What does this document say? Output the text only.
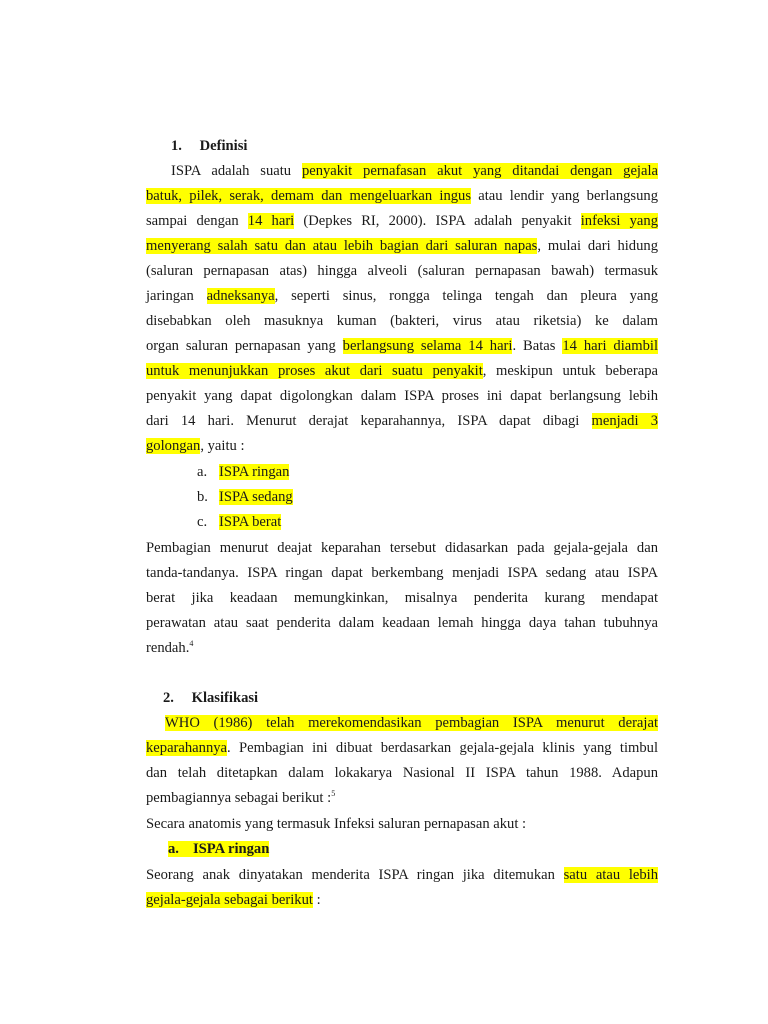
1. Definisi
ISPA adalah suatu penyakit pernafasan akut yang ditandai dengan gejala
batuk, pilek, serak, demam dan mengeluarkan ingus atau lendir yang berlangsung
sampai dengan 14 hari (Depkes RI, 2000). ISPA adalah penyakit infeksi yang
menyerang salah satu dan atau lebih bagian dari saluran napas, mulai dari hidung
(saluran pernapasan atas) hingga alveoli (saluran pernapasan bawah) termasuk
jaringan adneksanya, seperti sinus, rongga telinga tengah dan pleura yang
disebabkan oleh masuknya kuman (bakteri, virus atau riketsia) ke dalam
organ saluran pernapasan yang berlangsung selama 14 hari. Batas 14 hari diambil
untuk menunjukkan proses akut dari suatu penyakit, meskipun untuk beberapa
penyakit yang dapat digolongkan dalam ISPA proses ini dapat berlangsung lebih
dari 14 hari. Menurut derajat keparahannya, ISPA dapat dibagi menjadi 3
golongan, yaitu :
a. ISPA ringan
b. ISPA sedang
c. ISPA berat
Pembagian menurut deajat keparahan tersebut didasarkan pada gejala-gejala dan
tanda-tandanya. ISPA ringan dapat berkembang menjadi ISPA sedang atau ISPA
berat jika keadaan memungkinkan, misalnya penderita kurang mendapat
perawatan atau saat penderita dalam keadaan lemah hingga daya tahan tubuhnya
rendah.$^4$
2. Klasifikasi
WHO (1986) telah merekomendasikan pembagian ISPA menurut derajat
keparahannya. Pembagian ini dibuat berdasarkan gejala-gejala klinis yang timbul
dan telah ditetapkan dalam lokakarya Nasional II ISPA tahun 1988. Adapun
pembagiannya sebagai berikut :$^5$
Secara anatomis yang termasuk Infeksi saluran pernapasan akut :
a. ISPA ringan
Seorang anak dinyatakan menderita ISPA ringan jika ditemukan satu atau lebih
gejala-gejala sebagai berikut :
